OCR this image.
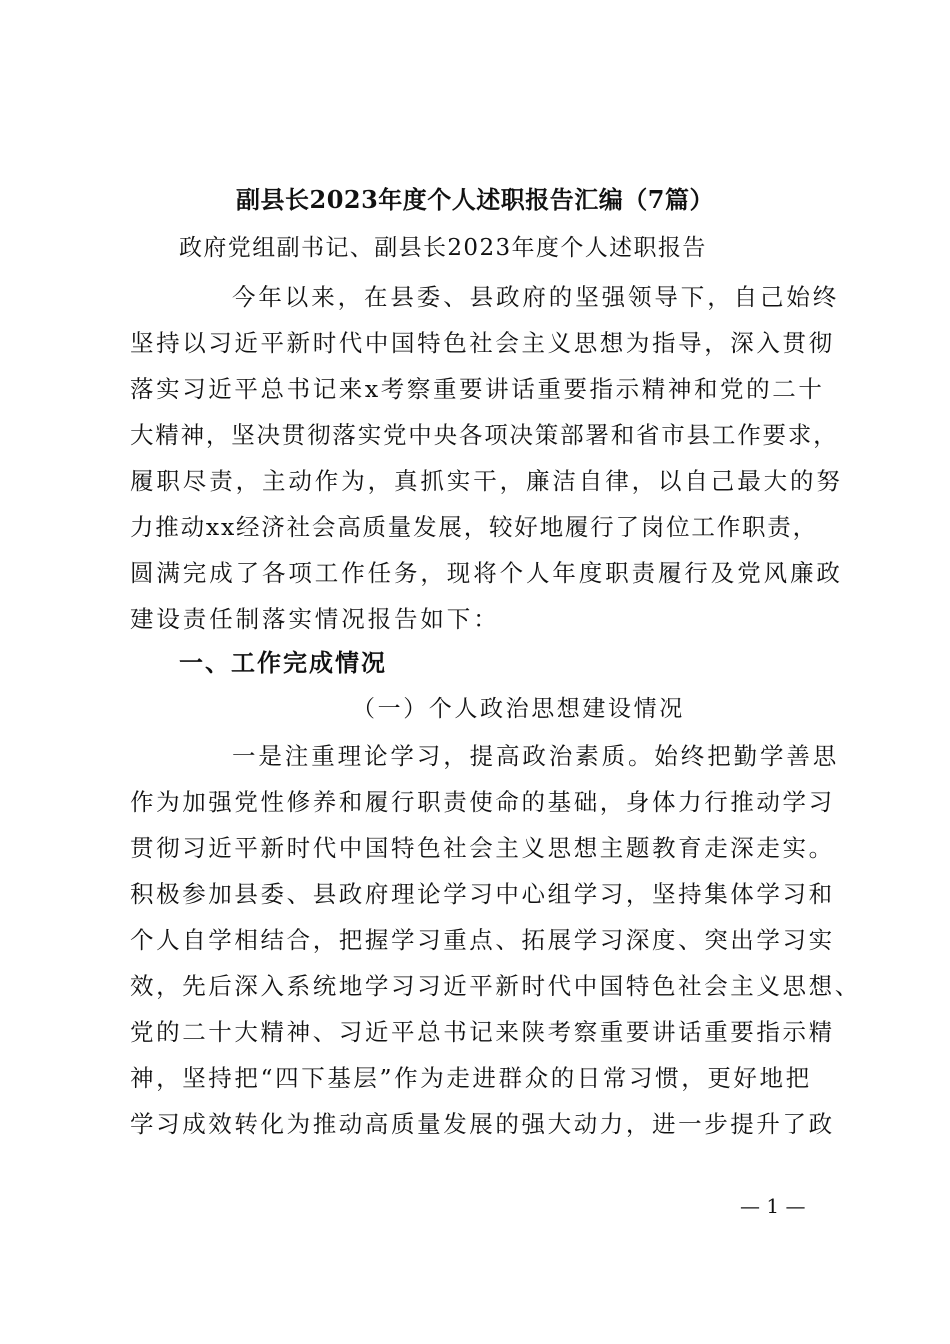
副县长2023年度个人述职报告汇编（7篇）
政府党组副书记、副县长2023年度个人述职报告
今年以来，在县委、县政府的坚强领导下，自己始终
坚持以习近平新时代中国特色社会主义思想为指导，深入贯彻
落实习近平总书记来x考察重要讲话重要指示精神和党的二十
大精神，坚决贯彻落实党中央各项决策部署和省市县工作要求，
履职尽责，主动作为，真抓实干，廉洁自律，以自己最大的努
力推动xx经济社会高质量发展，较好地履行了岗位工作职责，
圆满完成了各项工作任务，现将个人年度职责履行及党风廉政
建设责任制落实情况报告如下：
一、工作完成情况
（一）个人政治思想建设情况
一是注重理论学习，提高政治素质。始终把勤学善思
作为加强党性修养和履行职责使命的基础，身体力行推动学习
贯彻习近平新时代中国特色社会主义思想主题教育走深走实。
积极参加县委、县政府理论学习中心组学习，坚持集体学习和
个人自学相结合，把握学习重点、拓展学习深度、突出学习实
效，先后深入系统地学习习近平新时代中国特色社会主义思想、
党的二十大精神、习近平总书记来陕考察重要讲话重要指示精
神，坚持把“四下基层”作为走进群众的日常习惯，更好地把
学习成效转化为推动高质量发展的强大动力，进一步提升了政
— 1 —
